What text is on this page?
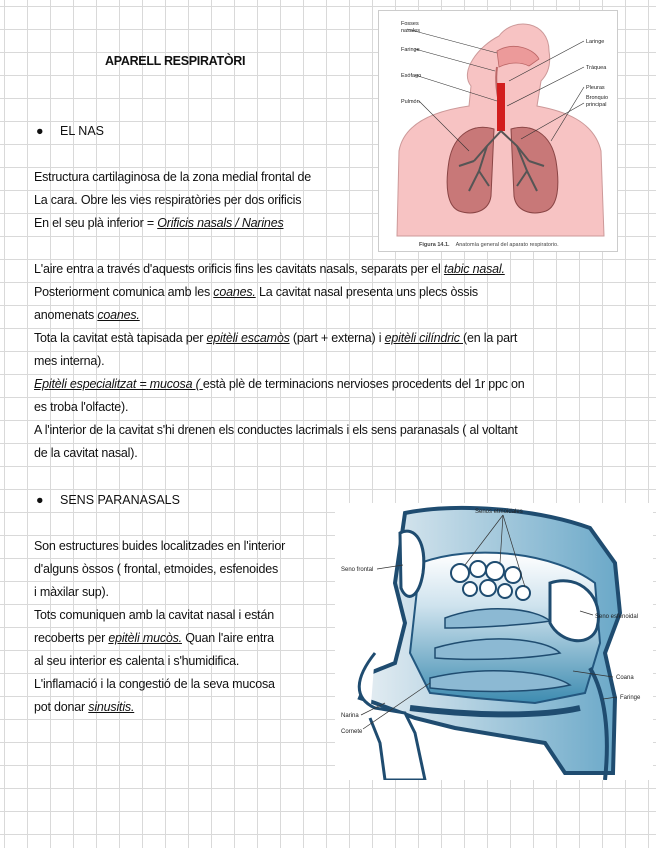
APARELL RESPIRATÒRI
● EL NAS
Estructura cartilaginosa de la zona medial frontal de
La cara. Obre les vies respiratòries per dos orificis
En el seu plà inferior = Orificis nasals / Narines
L'aire entra a través d'aquests orificis fins les cavitats nasals, separats per el tabic nasal.
Posteriorment comunica amb les coanes. La cavitat nasal presenta uns plecs òssis
anomenats coanes.
Tota la cavitat està tapisada per epitèli escamòs (part + externa) i epitèli cilíndric (en la part
mes interna).
Epitèli especialitzat = mucosa ( està plè de terminacions nervioses procedents del 1r ppc on
es troba l'olfacte).
A l'interior de la cavitat s'hi drenen els conductes lacrimals i els sens paranasals ( al voltant
de la cavitat nasal).
● SENS PARANASALS
Son estructures buides localitzades en l'interior
d'alguns òssos ( frontal, etmoides, esfenoides
i màxilar sup).
Tots comuniquen amb la cavitat nasal i están
recoberts per epitèli mucòs. Quan l'aire entra
al seu interior es calenta i s'humidifica.
L'inflamació i la congestió de la seva mucosa
pot donar sinusitis.
Fosses
nasales
Faringe
Esófago
Pulmón
Laringe
Tráquea
Pleuras
Bronquio
principal
Figura 14.1. Anatomía general del aparato respiratorio.
Senos etmoidales
Seno frontal
Seno esfenoidal
Coana
Faringe
Narina
Cornete
